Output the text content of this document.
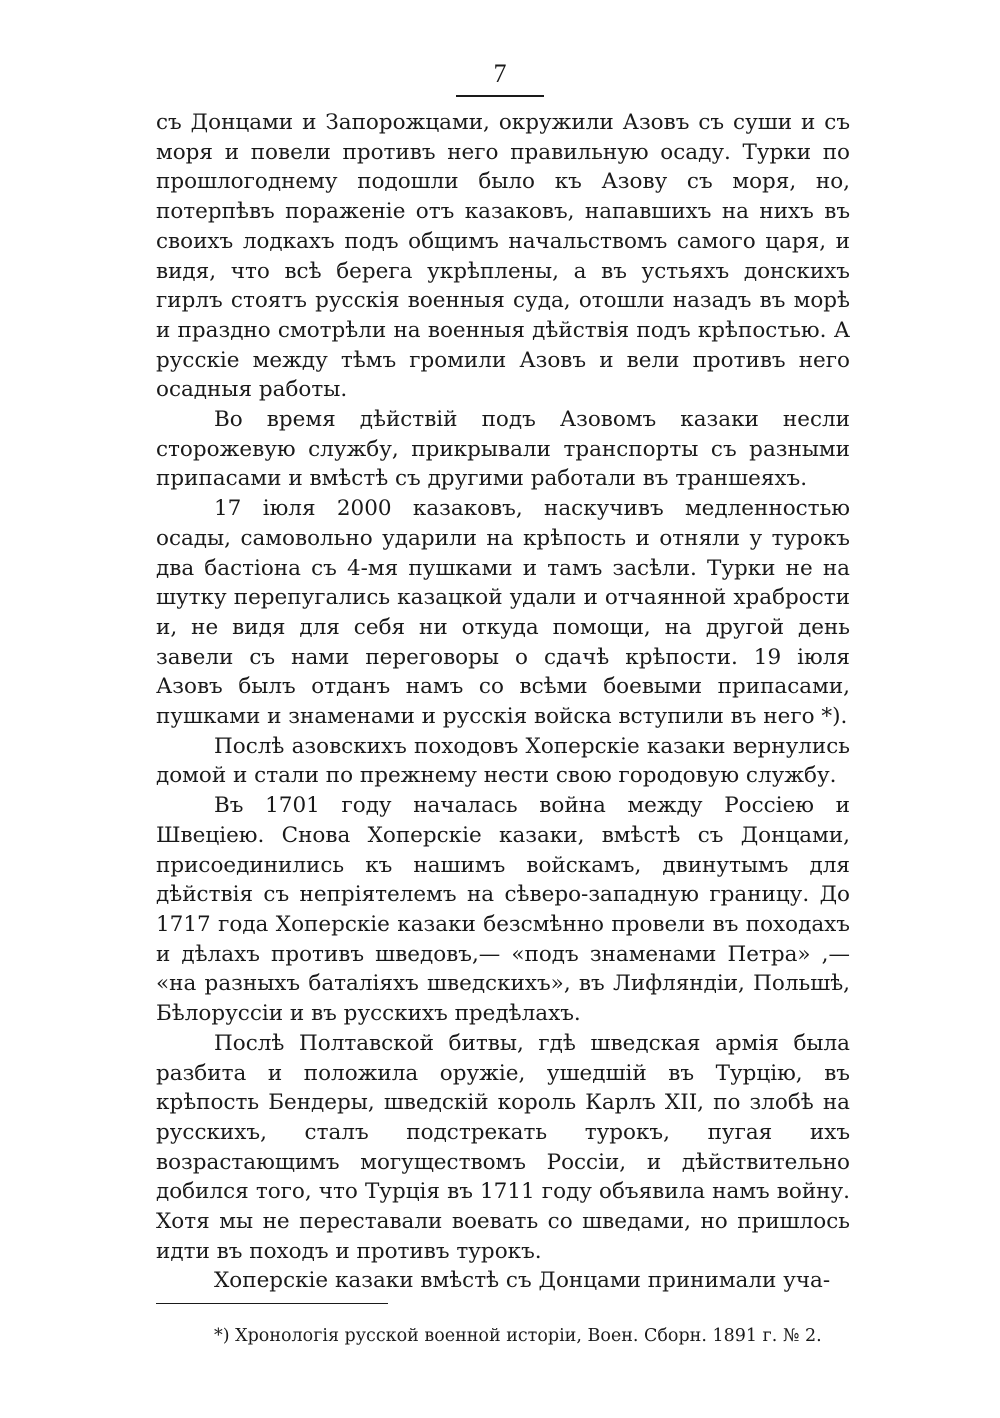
7

съ Донцами и Запорожцами, окружили Азовъ съ суши и съ моря и повели противъ него правильную осаду. Турки по прошлогоднему подошли было къ Азову съ моря, но, потерпѣвъ пораженіе отъ казаковъ, напавшихъ на нихъ въ своихъ лодкахъ подъ общимъ начальствомъ самого царя, и видя, что всѣ берега укрѣплены, а въ устьяхъ донскихъ гирлъ стоятъ русскія военныя суда, отошли назадъ въ морѣ и праздно смотрѣли на военныя дѣйствія подъ крѣпостью. А русскіе между тѣмъ громили Азовъ и вели противъ него осадныя работы.

Во время дѣйствій подъ Азовомъ казаки несли сторожевую службу, прикрывали транспорты съ разными припасами и вмѣстѣ съ другими работали въ траншеяхъ.

17 іюля 2000 казаковъ, наскучивъ медленностью осады, самовольно ударили на крѣпость и отняли у турокъ два бастіона съ 4-мя пушками и тамъ засѣли. Турки не на шутку перепугались казацкой удали и отчаянной храбрости и, не видя для себя ни откуда помощи, на другой день завели съ нами переговоры о сдачѣ крѣпости. 19 іюля Азовъ былъ отданъ намъ со всѣми боевыми припасами, пушками и знаменами и русскія войска вступили въ него *).

Послѣ азовскихъ походовъ Хоперскіе казаки вернулись домой и стали по прежнему нести свою городовую службу.

Въ 1701 году началась война между Россіею и Швеціею. Снова Хоперскіе казаки, вмѣстѣ съ Донцами, присоединились къ нашимъ войскамъ, двинутымъ для дѣйствія съ непріятелемъ на сѣверо-западную границу. До 1717 года Хоперскіе казаки безсмѣнно провели въ походахъ и дѣлахъ противъ шведовъ,— «подъ знаменами Петра» ,— «на разныхъ баталіяхъ шведскихъ», въ Лифляндіи, Польшѣ, Бѣлоруссіи и въ русскихъ предѣлахъ.

Послѣ Полтавской битвы, гдѣ шведская армія была разбита и положила оружіе, ушедшій въ Турцію, въ крѣпость Бендеры, шведскій король Карлъ XII, по злобѣ на русскихъ, сталъ подстрекать турокъ, пугая ихъ возрастающимъ могуществомъ Россіи, и дѣйствительно добился того, что Турція въ 1711 году объявила намъ войну. Хотя мы не переставали воевать со шведами, но пришлось идти въ походъ и противъ турокъ.

Хоперскіе казаки вмѣстѣ съ Донцами принимали уча-

*) Хронологія русской военной исторіи, Воен. Сборн. 1891 г. № 2.
